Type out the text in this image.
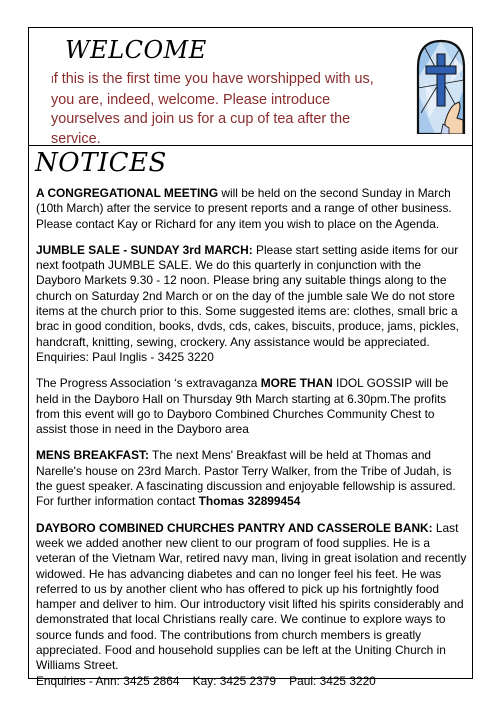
WELCOME
If this is the first time you have worshipped with us, you are, indeed, welcome. Please introduce yourselves and join us for a cup of tea after the service.
NOTICES

A CONGREGATIONAL MEETING will be held on the second Sunday in March (10th March) after the service to present reports and a range of other business. Please contact Kay or Richard for any item you wish to place on the Agenda.

JUMBLE SALE - SUNDAY 3rd MARCH: Please start setting aside items for our next footpath JUMBLE SALE. We do this quarterly in conjunction with the Dayboro Markets 9.30 - 12 noon. Please bring any suitable things along to the church on Saturday 2nd March or on the day of the jumble sale We do not store items at the church prior to this. Some suggested items are: clothes, small bric a brac in good condition, books, dvds, cds, cakes, biscuits, produce, jams, pickles, handcraft, knitting, sewing, crockery. Any assistance would be appreciated. Enquiries: Paul Inglis - 3425 3220

The Progress Association ‘s extravaganza MORE THAN IDOL GOSSIP will be held in the Dayboro Hall on Thursday 9th March starting at 6.30pm.The profits from this event will go to Dayboro Combined Churches Community Chest to assist those in need in the Dayboro area

MENS BREAKFAST: The next Mens' Breakfast will be held at Thomas and Narelle's house on 23rd March. Pastor Terry Walker, from the Tribe of Judah, is the guest speaker. A fascinating discussion and enjoyable fellowship is assured. For further information contact Thomas 32899454

DAYBORO COMBINED CHURCHES PANTRY AND CASSEROLE BANK: Last week we added another new client to our program of food supplies. He is a veteran of the Vietnam War, retired navy man, living in great isolation and recently widowed. He has advancing diabetes and can no longer feel his feet. He was referred to us by another client who has offered to pick up his fortnightly food hamper and deliver to him. Our introductory visit lifted his spirits considerably and demonstrated that local Christians really care. We continue to explore ways to source funds and food. The contributions from church members is greatly appreciated. Food and household supplies can be left at the Uniting Church in Williams Street.
Enquiries - Ann: 3425 2864    Kay: 3425 2379    Paul: 3425 3220
